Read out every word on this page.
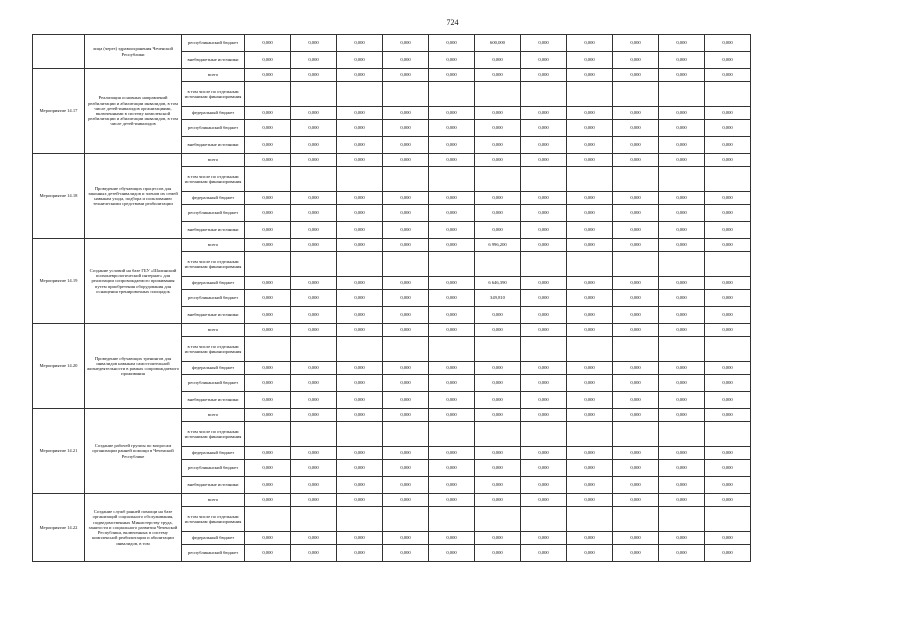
724
	лица (через) здравоохранения Чеченской Республики	республиканский бюджет	0,000	0,000	0,000	0,000	0,000	600,000	0,000	0,000	0,000	0,000	0,000
		внебюджетные источники	0,000	0,000	0,000	0,000	0,000	0,000	0,000	0,000	0,000	0,000	0,000
Мероприятие 14.17	Реализация основных направлений реабилитации и абилитации инвалидов, в том числе детей-инвалидов организациями, включенными в систему комплексной реабилитации и абилитации инвалидов, в том числе детей-инвалидов	всего	0,000	0,000	0,000	0,000	0,000	0,000	0,000	0,000	0,000	0,000	0,000
		в том числе по отдельным источникам финансирования											
		федеральный бюджет	0,000	0,000	0,000	0,000	0,000	0,000	0,000	0,000	0,000	0,000	0,000
		республиканский бюджет	0,000	0,000	0,000	0,000	0,000	0,000	0,000	0,000	0,000	0,000	0,000
		внебюджетные источники	0,000	0,000	0,000	0,000	0,000	0,000	0,000	0,000	0,000	0,000	0,000
Мероприятие 14.18	Проведение обучающих процессов для законных детей-инвалидов и членов их семей навыкам ухода, подбора и пользованию техническими средствами реабилитации	всего	0,000	0,000	0,000	0,000	0,000	0,000	0,000	0,000	0,000	0,000	0,000
		в том числе по отдельным источникам финансирования											
		федеральный бюджет	0,000	0,000	0,000	0,000	0,000	0,000	0,000	0,000	0,000	0,000	0,000
		республиканский бюджет	0,000	0,000	0,000	0,000	0,000	0,000	0,000	0,000	0,000	0,000	0,000
		внебюджетные источники	0,000	0,000	0,000	0,000	0,000	0,000	0,000	0,000	0,000	0,000	0,000
Мероприятие 14.19	Создание условий на базе ГБУ «Шалинский психоневрологический интернат» для реализации сопровождаемого проживания путем приобретения оборудования для оснащения тренировочных площадок	всего	0,000	0,000	0,000	0,000	0,000	6 996,200	0,000	0,000	0,000	0,000	0,000
		в том числе по отдельным источникам финансирования											
		федеральный бюджет	0,000	0,000	0,000	0,000	0,000	6 646,390	0,000	0,000	0,000	0,000	0,000
		республиканский бюджет	0,000	0,000	0,000	0,000	0,000	349,810	0,000	0,000	0,000	0,000	0,000
		внебюджетные источники	0,000	0,000	0,000	0,000	0,000	0,000	0,000	0,000	0,000	0,000	0,000
Мероприятие 14.20	Проведение обучающих тренингов для инвалидов навыкам самостоятельной жизнедеятельности в рамках сопровождаемого проживания	всего	0,000	0,000	0,000	0,000	0,000	0,000	0,000	0,000	0,000	0,000	0,000
		в том числе по отдельным источникам финансирования											
		федеральный бюджет	0,000	0,000	0,000	0,000	0,000	0,000	0,000	0,000	0,000	0,000	0,000
		республиканский бюджет	0,000	0,000	0,000	0,000	0,000	0,000	0,000	0,000	0,000	0,000	0,000
		внебюджетные источники	0,000	0,000	0,000	0,000	0,000	0,000	0,000	0,000	0,000	0,000	0,000
Мероприятие 14.21	Создание рабочей группы по вопросам организации ранней помощи в Чеченской Республике	всего	0,000	0,000	0,000	0,000	0,000	0,000	0,000	0,000	0,000	0,000	0,000
		в том числе по отдельным источникам финансирования											
		федеральный бюджет	0,000	0,000	0,000	0,000	0,000	0,000	0,000	0,000	0,000	0,000	0,000
		республиканский бюджет	0,000	0,000	0,000	0,000	0,000	0,000	0,000	0,000	0,000	0,000	0,000
		внебюджетные источники	0,000	0,000	0,000	0,000	0,000	0,000	0,000	0,000	0,000	0,000	0,000
Мероприятие 14.22	Создание служб ранней помощи на базе организаций социального обслуживания, подведомственных Министерству труда, занятости и социального развития Чеченской Республики, включенных в систему комплексной реабилитации и абилитации инвалидов, в том	всего	0,000	0,000	0,000	0,000	0,000	0,000	0,000	0,000	0,000	0,000	0,000
		в том числе по отдельным источникам финансирования											
		федеральный бюджет	0,000	0,000	0,000	0,000	0,000	0,000	0,000	0,000	0,000	0,000	0,000
		республиканский бюджет	0,000	0,000	0,000	0,000	0,000	0,000	0,000	0,000	0,000	0,000	0,000
